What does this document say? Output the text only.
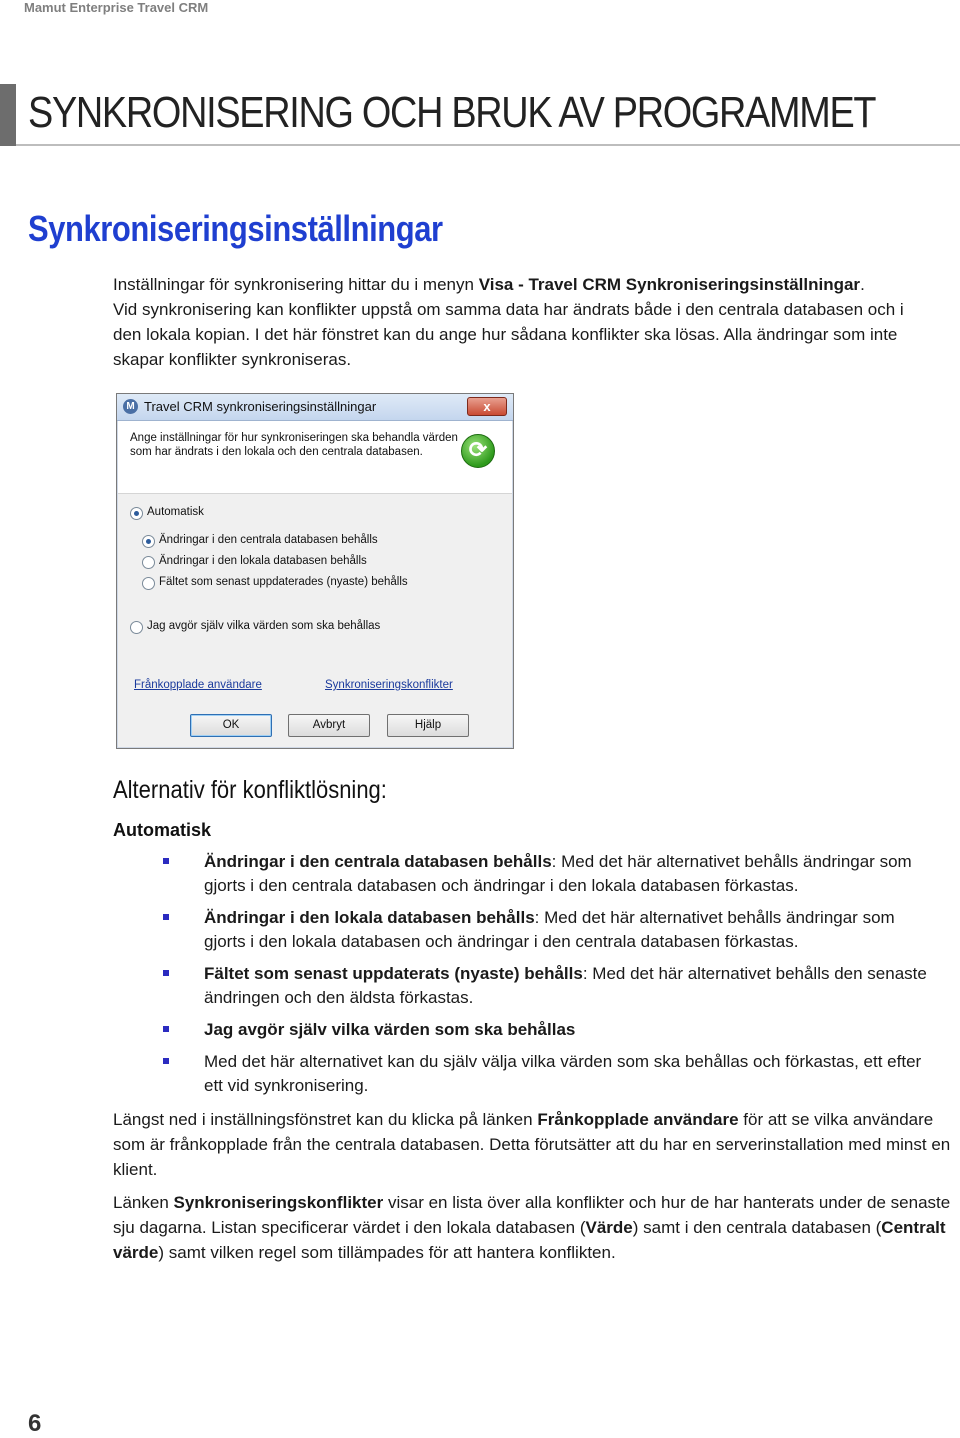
Mamut Enterprise Travel CRM
SYNKRONISERING OCH BRUK AV PROGRAMMET
Synkroniseringsinställningar
Inställningar för synkronisering hittar du i menyn Visa - Travel CRM Synkroniseringsinställningar.
Vid synkronisering kan konflikter uppstå om samma data har ändrats både i den centrala databasen och i den lokala kopian. I det här fönstret kan du ange hur sådana konflikter ska lösas. Alla ändringar som inte skapar konflikter synkroniseras.
M Travel CRM synkroniseringsinställningar	x
Ange inställningar för hur synkroniseringen ska behandla värden som har ändrats i den lokala och den centrala databasen.	⟳
Automatisk
Ändringar i den centrala databasen behålls
Ändringar i den lokala databasen behålls
Fältet som senast uppdaterades (nyaste) behålls
Jag avgör själv vilka värden som ska behållas
Frånkopplade användare	Synkroniseringskonflikter
OK	Avbryt	Hjälp
Alternativ för konfliktlösning:
Automatisk
Ändringar i den centrala databasen behålls: Med det här alternativet behålls ändringar som gjorts i den centrala databasen och ändringar i den lokala databasen förkastas.
Ändringar i den lokala databasen behålls: Med det här alternativet behålls ändringar som gjorts i den lokala databasen och ändringar i den centrala databasen förkastas.
Fältet som senast uppdaterats (nyaste) behålls: Med det här alternativet behålls den senaste ändringen och den äldsta förkastas.
Jag avgör själv vilka värden som ska behållas
Med det här alternativet kan du själv välja vilka värden som ska behållas och förkastas, ett efter ett vid synkronisering.
Längst ned i inställningsfönstret kan du klicka på länken Frånkopplade användare för att se vilka användare som är frånkopplade från the centrala databasen. Detta förutsätter att du har en serverinstallation med minst en klient.
Länken Synkroniseringskonflikter visar en lista över alla konflikter och hur de har hanterats under de senaste sju dagarna. Listan specificerar värdet i den lokala databasen (Värde) samt i den centrala databasen (Centralt värde) samt vilken regel som tillämpades för att hantera konflikten.
6
